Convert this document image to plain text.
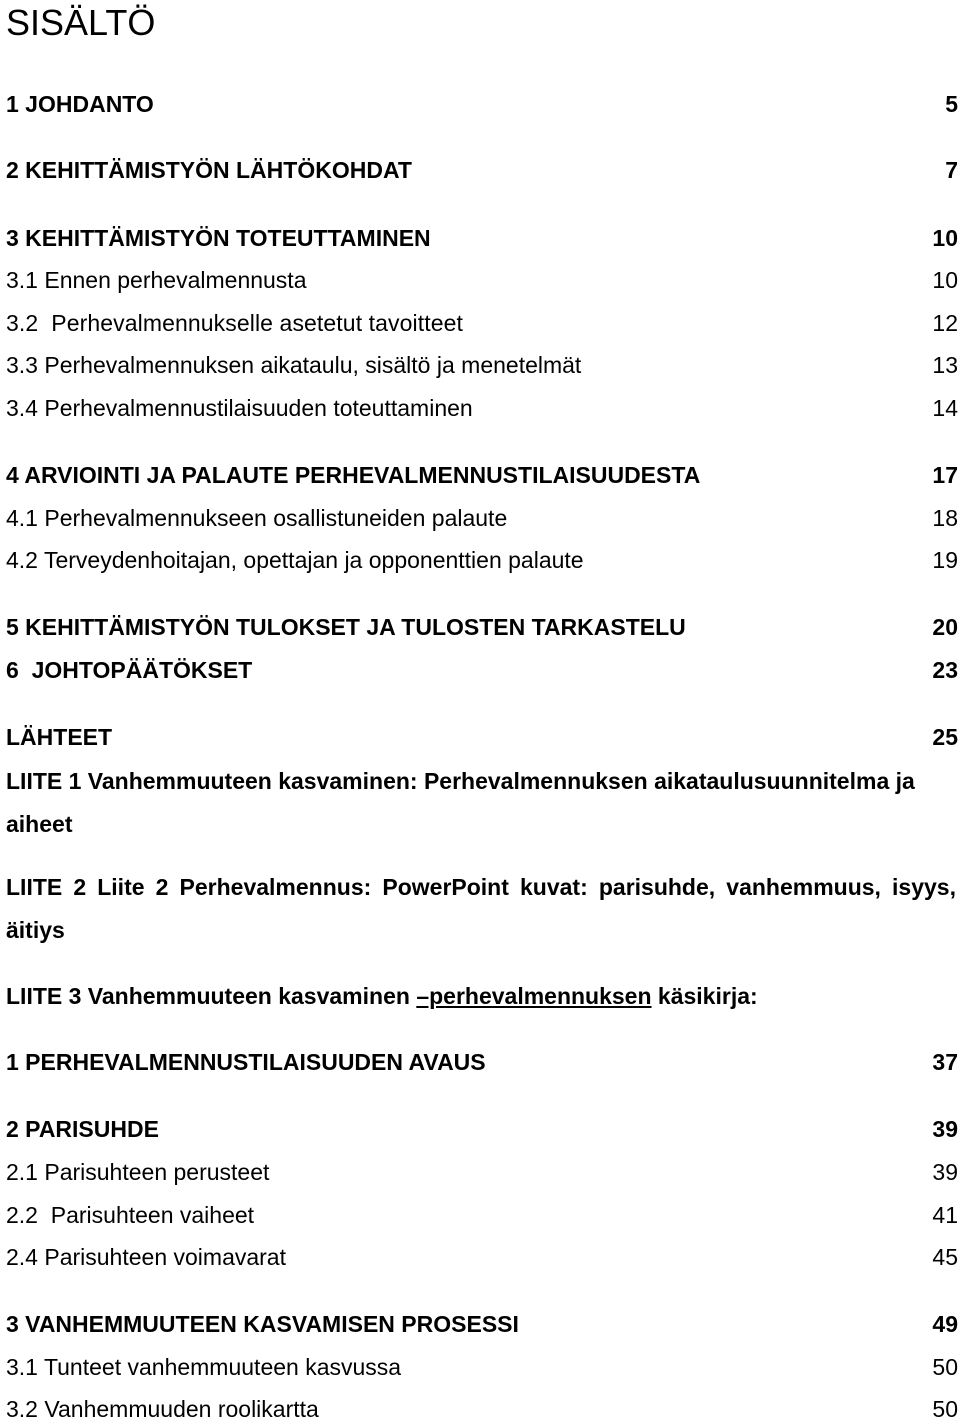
SISÄLTÖ
1 JOHDANTO	5
2 KEHITTÄMISTYÖN LÄHTÖKOHDAT	7
3 KEHITTÄMISTYÖN TOTEUTTAMINEN	10
3.1 Ennen perhevalmennusta	10
3.2  Perhevalmennukselle asetetut tavoitteet	12
3.3 Perhevalmennuksen aikataulu, sisältö ja menetelmät	13
3.4 Perhevalmennustilaisuuden toteuttaminen	14
4 ARVIOINTI JA PALAUTE PERHEVALMENNUSTILAISUUDESTA	17
4.1 Perhevalmennukseen osallistuneiden palaute	18
4.2 Terveydenhoitajan, opettajan ja opponenttien palaute	19
5 KEHITTÄMISTYÖN TULOKSET JA TULOSTEN TARKASTELU	20
6  JOHTOPÄÄTÖKSET	23
LÄHTEET	25
LIITE 1 Vanhemmuuteen kasvaminen: Perhevalmennuksen aikataulusuunnitelma ja aiheet
LIITE 2 Liite 2 Perhevalmennus: PowerPoint kuvat: parisuhde, vanhemmuus, isyys, äitiys
LIITE 3 Vanhemmuuteen kasvaminen –perhevalmennuksen käsikirja:
1 PERHEVALMENNUSTILAISUUDEN AVAUS	37
2 PARISUHDE	39
2.1 Parisuhteen perusteet	39
2.2  Parisuhteen vaiheet	41
2.4 Parisuhteen voimavarat	45
3 VANHEMMUUTEEN KASVAMISEN PROSESSI	49
3.1 Tunteet vanhemmuuteen kasvussa	50
3.2 Vanhemmuuden roolikartta	50
